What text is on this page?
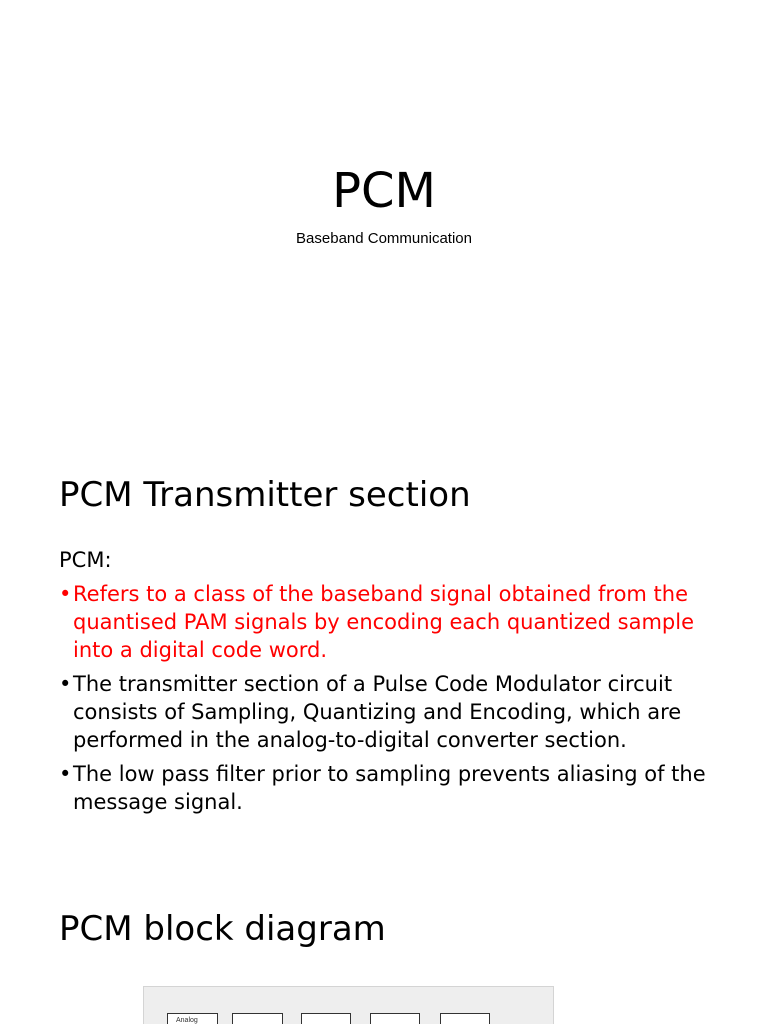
PCM
Baseband Communication
PCM Transmitter section

PCM:

• Refers to a class of the baseband signal obtained from the quantised PAM signals by encoding each quantized sample into a digital code word.
• The transmitter section of a Pulse Code Modulator circuit consists of Sampling, Quantizing and Encoding, which are performed in the analog-to-digital converter section.
• The low pass filter prior to sampling prevents aliasing of the message signal.
PCM block diagram
Analog
